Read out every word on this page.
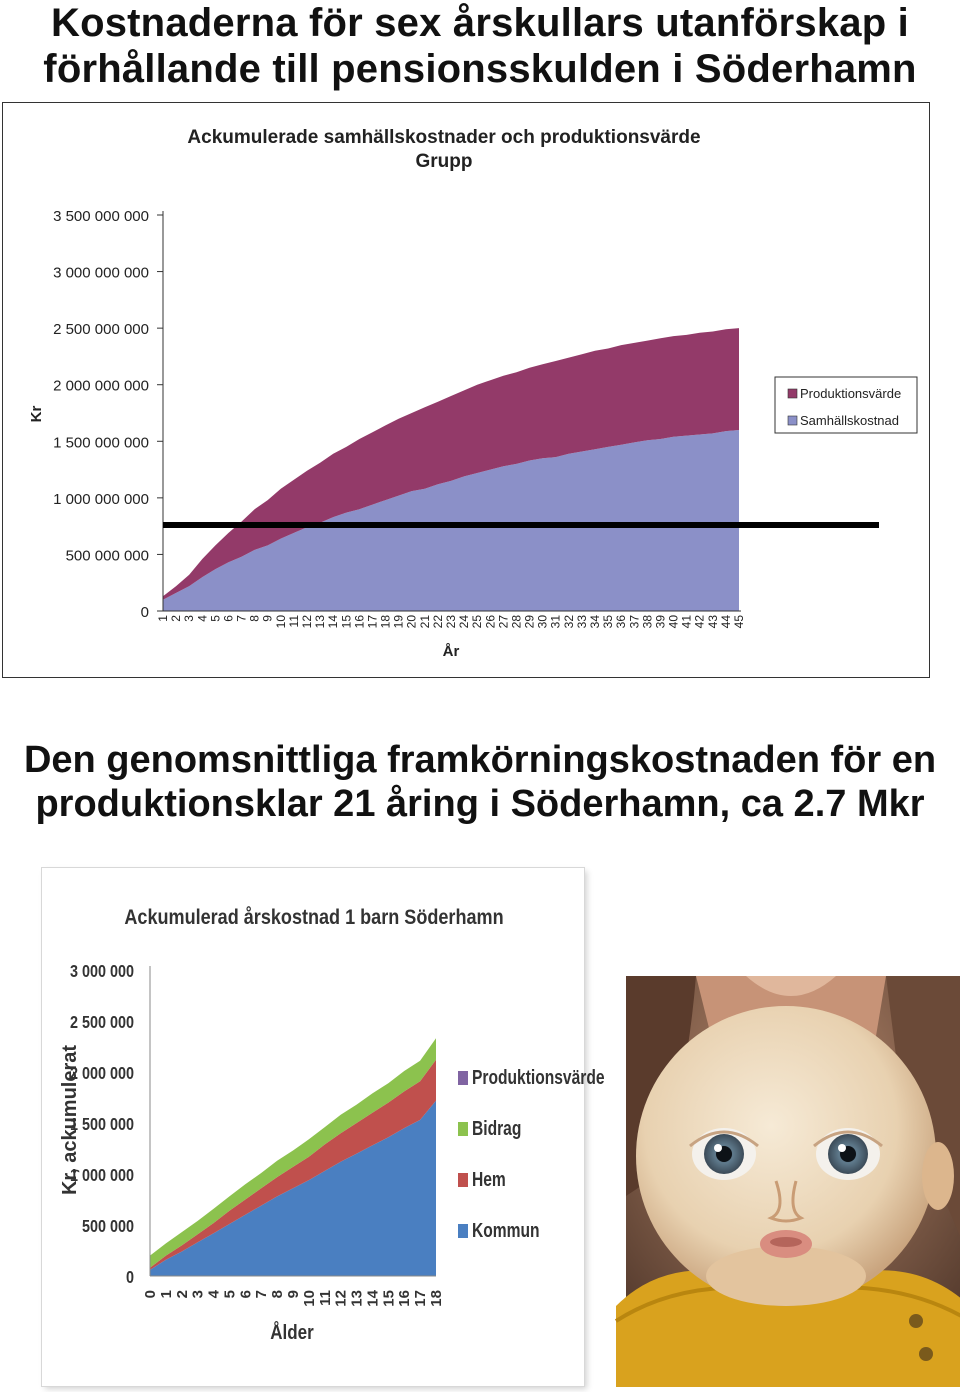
Kostnaderna för sex årskullars utanförskap i
förhållande till pensionsskulden i Söderhamn
Ackumulerade samhällskostnader och produktionsvärde
Grupp
0
500 000 000
1 000 000 000
1 500 000 000
2 000 000 000
2 500 000 000
3 000 000 000
3 500 000 000
1 2 3 4 5 6 7 8 9 10 11 12 13 14 15 16 17 18 19 20 21 22 23 24 25 26 27 28 29 30 31 32 33 34 35 36 37 38 39 40 41 42 43 44 45
År
Kr
Produktionsvärde
Samhällskostnad
Den genomsnittliga framkörningskostnaden för en
produktionsklar 21 åring i Söderhamn, ca 2.7 Mkr
Ackumulerad årskostnad 1 barn Söderhamn
0
500 000
1 000 000
1 500 000
2 000 000
2 500 000
3 000 000
0
1
2
3
4
5
6
7
8
9
10
11
12
13
14
15
16
17
18
Ålder
Kr, ackumulerat	Produktionsvärde
Bidrag
Hem
Kommun
